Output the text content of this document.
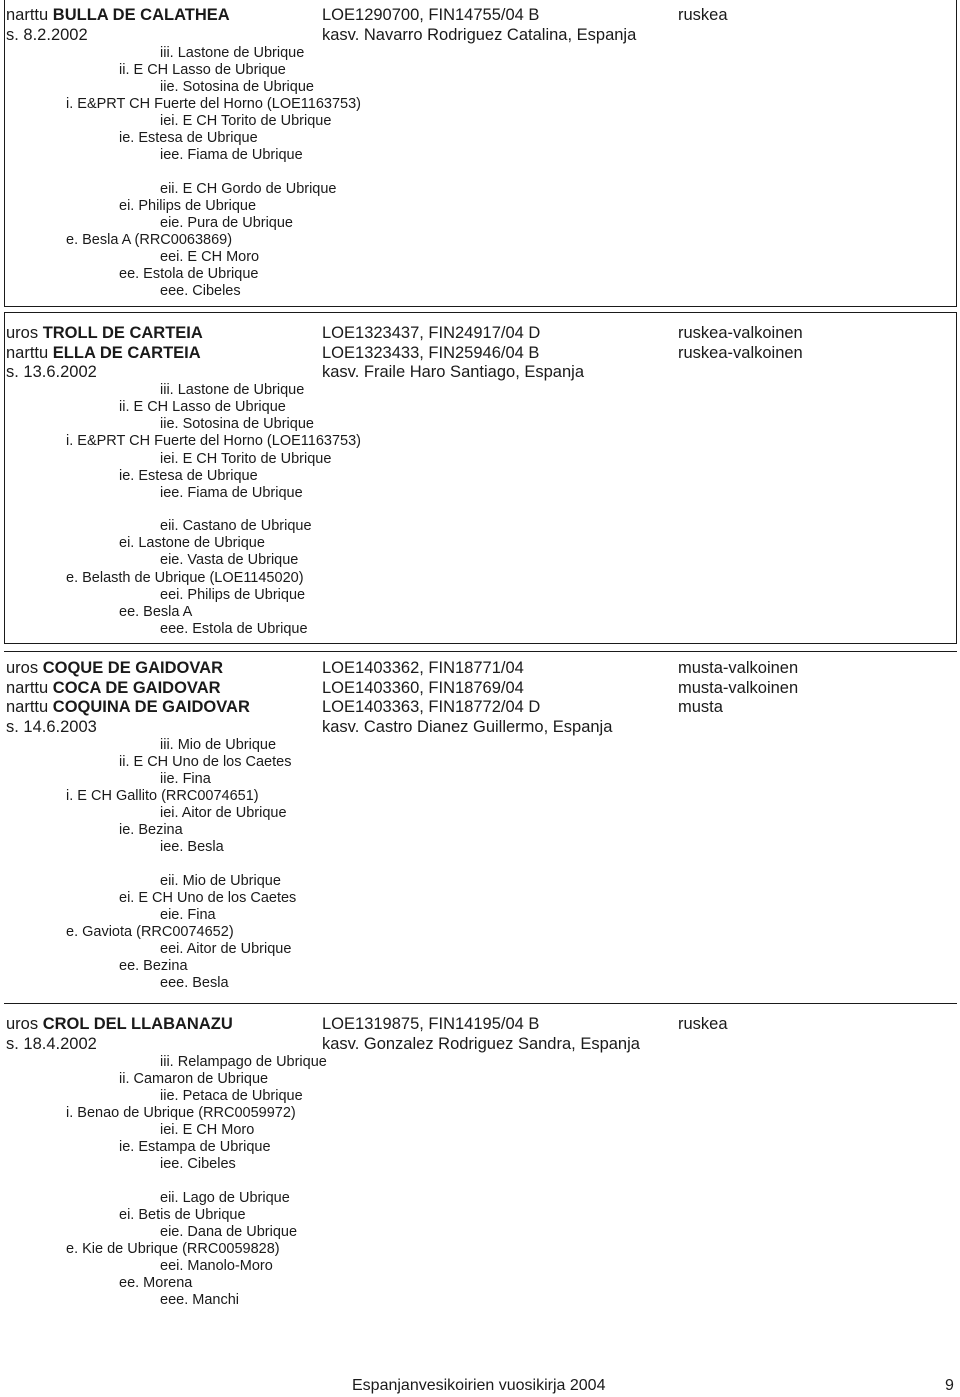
narttu BULLA DE CALATHEA	LOE1290700, FIN14755/04 B	ruskea
s. 8.2.2002	kasv. Navarro Rodriguez Catalina, Espanja
iii. Lastone de Ubrique
ii. E CH Lasso de Ubrique
iie. Sotosina de Ubrique
i. E&PRT CH Fuerte del Horno (LOE1163753)
iei. E CH Torito de Ubrique
ie. Estesa de Ubrique
iee. Fiama de Ubrique
eii. E CH Gordo de Ubrique
ei. Philips de Ubrique
eie. Pura de Ubrique
e. Besla A (RRC0063869)
eei. E CH Moro
ee. Estola de Ubrique
eee. Cibeles
uros TROLL DE CARTEIA	LOE1323437, FIN24917/04 D	ruskea-valkoinen
narttu ELLA DE CARTEIA	LOE1323433, FIN25946/04 B	ruskea-valkoinen
s. 13.6.2002	kasv. Fraile Haro Santiago, Espanja
iii. Lastone de Ubrique
ii. E CH Lasso de Ubrique
iie. Sotosina de Ubrique
i. E&PRT CH Fuerte del Horno (LOE1163753)
iei. E CH Torito de Ubrique
ie. Estesa de Ubrique
iee. Fiama de Ubrique
eii. Castano de Ubrique
ei. Lastone de Ubrique
eie. Vasta de Ubrique
e. Belasth de Ubrique (LOE1145020)
eei. Philips de Ubrique
ee. Besla A
eee. Estola de Ubrique
uros COQUE DE GAIDOVAR	LOE1403362, FIN18771/04	musta-valkoinen
narttu COCA DE GAIDOVAR	LOE1403360, FIN18769/04	musta-valkoinen
narttu COQUINA DE GAIDOVAR	LOE1403363, FIN18772/04 D	musta
s. 14.6.2003	kasv. Castro Dianez Guillermo, Espanja
iii. Mio de Ubrique
ii. E CH Uno de los Caetes
iie. Fina
i. E CH Gallito (RRC0074651)
iei. Aitor de Ubrique
ie. Bezina
iee. Besla
eii. Mio de Ubrique
ei. E CH Uno de los Caetes
eie. Fina
e. Gaviota (RRC0074652)
eei. Aitor de Ubrique
ee. Bezina
eee. Besla
uros CROL DEL LLABANAZU	LOE1319875, FIN14195/04 B	ruskea
s. 18.4.2002	kasv. Gonzalez Rodriguez Sandra, Espanja
iii. Relampago de Ubrique
ii. Camaron de Ubrique
iie. Petaca de Ubrique
i. Benao de Ubrique (RRC0059972)
iei. E CH Moro
ie. Estampa de Ubrique
iee. Cibeles
eii. Lago de Ubrique
ei. Betis de Ubrique
eie. Dana de Ubrique
e. Kie de Ubrique (RRC0059828)
eei. Manolo-Moro
ee. Morena
eee. Manchi
Espanjanvesikoirien vuosikirja 2004	9
